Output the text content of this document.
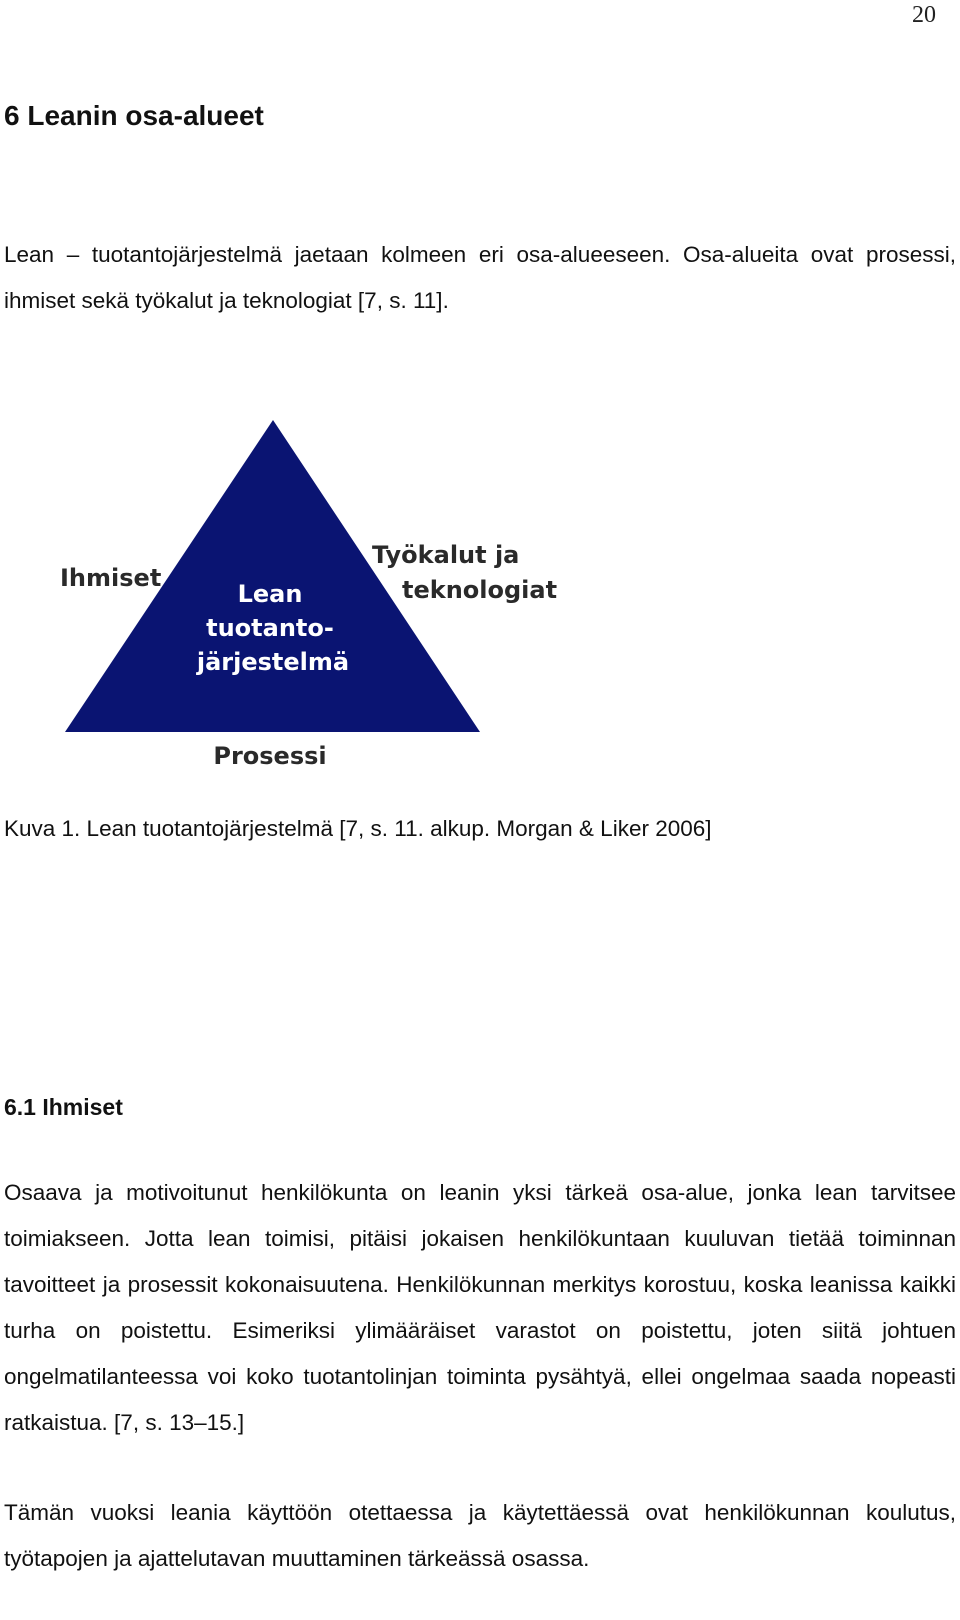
20
6 Leanin osa-alueet

Lean – tuotantojärjestelmä jaetaan kolmeen eri osa-alueeseen. Osa-alueita ovat prosessi, ihmiset sekä työkalut ja teknologiat [7, s. 11].

Ihmiset
Työkalut ja
teknologiat
Lean
tuotanto-
järjestelmä
Prosessi

Kuva 1. Lean tuotantojärjestelmä [7, s. 11. alkup. Morgan & Liker 2006]

6.1 Ihmiset

Osaava ja motivoitunut henkilökunta on leanin yksi tärkeä osa-alue, jonka lean tarvitsee toimiakseen. Jotta lean toimisi, pitäisi jokaisen henkilökuntaan kuuluvan tietää toiminnan tavoitteet ja prosessit kokonaisuutena. Henkilökunnan merkitys korostuu, koska leanissa kaikki turha on poistettu. Esimeriksi ylimääräiset varastot on poistettu, joten siitä johtuen ongelmatilanteessa voi koko tuotantolinjan toiminta pysähtyä, ellei ongelmaa saada nopeasti ratkaistua. [7, s. 13–15.]

Tämän vuoksi leania käyttöön otettaessa ja käytettäessä ovat henkilökunnan koulutus, työtapojen ja ajattelutavan muuttaminen tärkeässä osassa.
